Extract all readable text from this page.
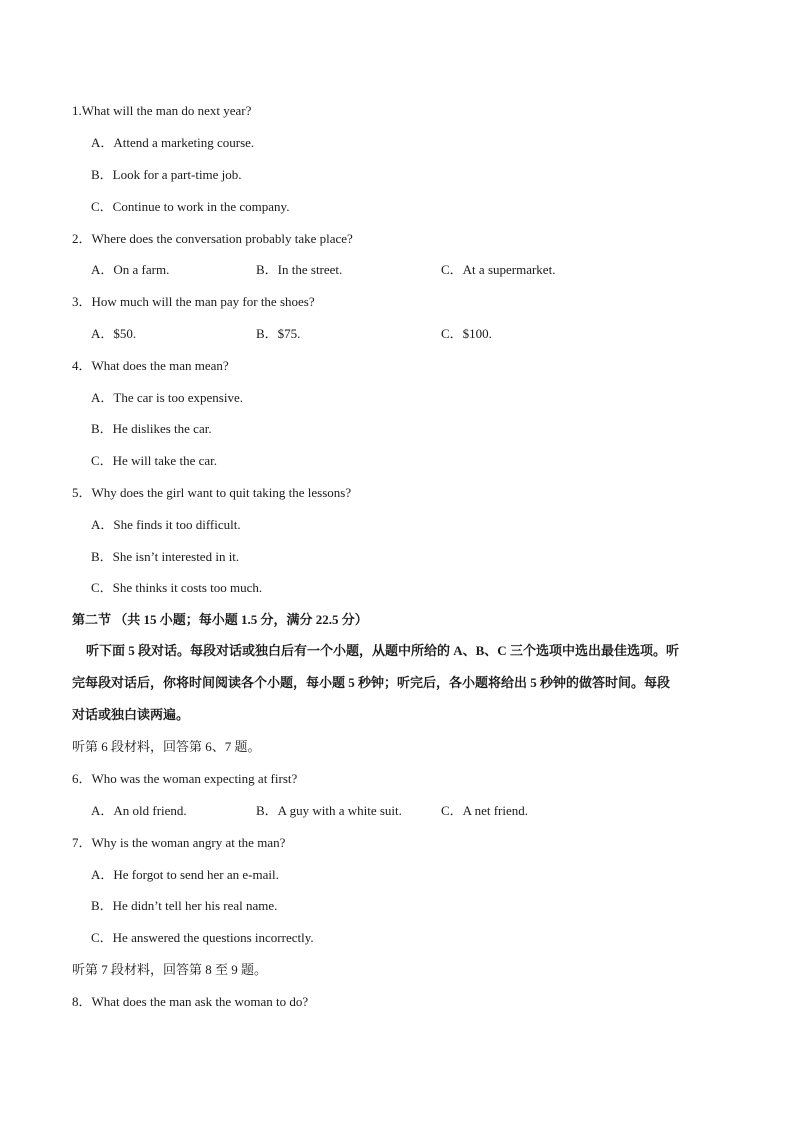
1.What will the man do next year?
A．Attend a marketing course.
B．Look for a part-time job.
C．Continue to work in the company.
2．Where does the conversation probably take place?
A．On a farm.	B．In the street.	C．At a supermarket.
3．How much will the man pay for the shoes?
A．$50.	B．$75.	C．$100.
4．What does the man mean?
A．The car is too expensive.
B．He dislikes the car.
C．He will take the car.
5．Why does the girl want to quit taking the lessons?
A．She finds it too difficult.
B．She isn’t interested in it.
C．She thinks it costs too much.
第二节 （共 15 小题；每小题 1.5 分，满分 22.5 分）

听下面 5 段对话。每段对话或独白后有一个小题，从题中所给的 A、B、C 三个选项中选出最佳选项。听

完每段对话后，你将时间阅读各个小题，每小题 5 秒钟；听完后，各小题将给出 5 秒钟的做答时间。每段

对话或独白读两遍。

听第 6 段材料，回答第 6、7 题。
6．Who was the woman expecting at first?
A．An old friend.	B．A guy with a white suit.	C．A net friend.
7．Why is the woman angry at the man?
A．He forgot to send her an e-mail.
B．He didn’t tell her his real name.
C．He answered the questions incorrectly.
听第 7 段材料，回答第 8 至 9 题。
8．What does the man ask the woman to do?
